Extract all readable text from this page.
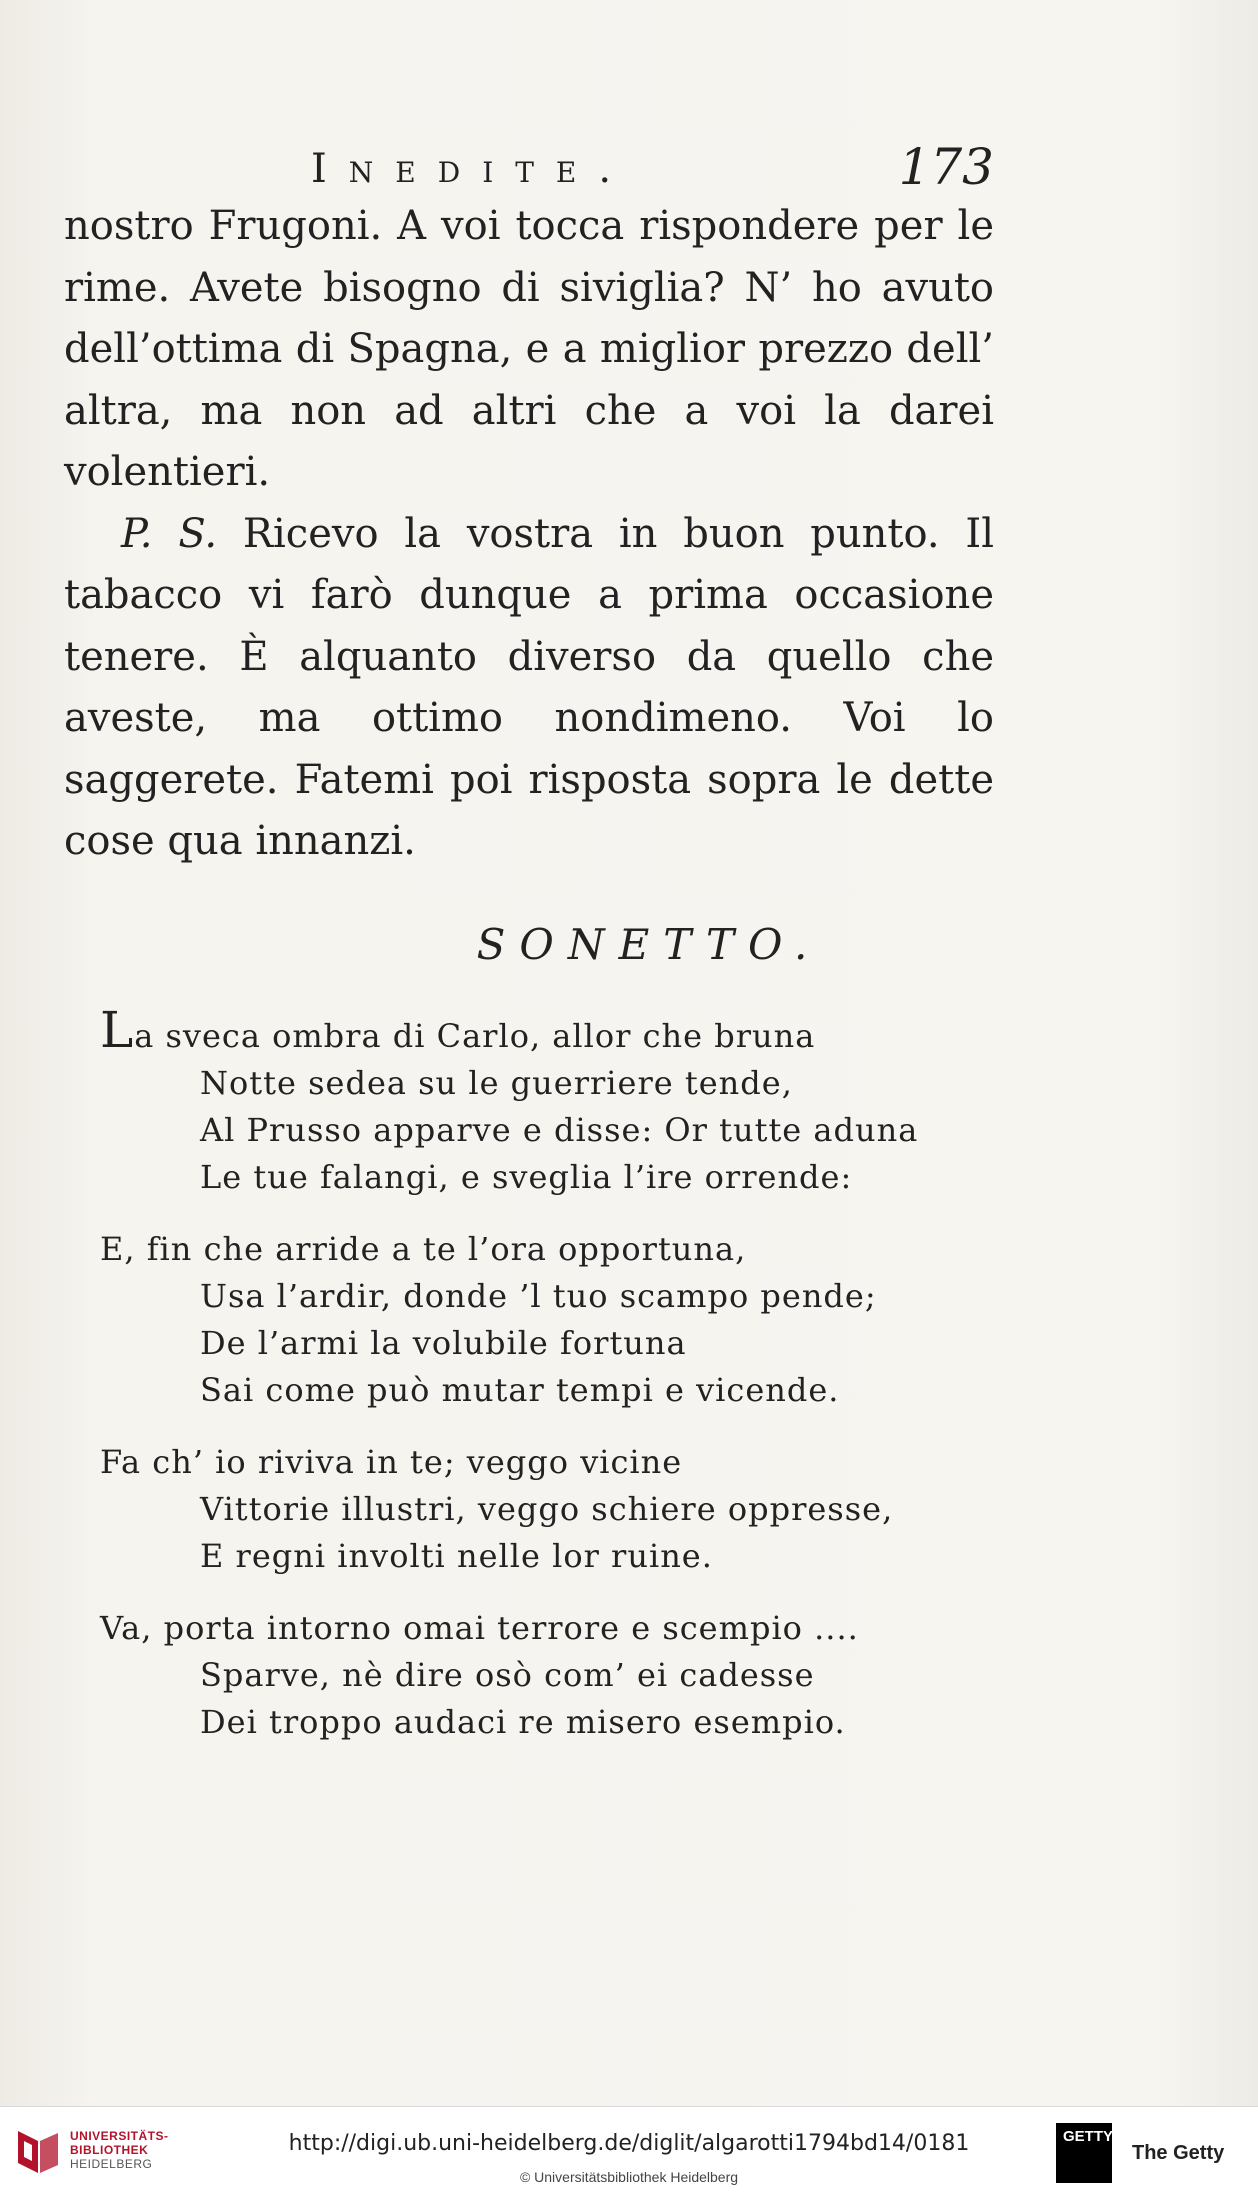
Inedite.	173

nostro Frugoni. A voi tocca rispondere per le rime. Avete bisogno di siviglia? N’ ho avuto dell’ottima di Spagna, e a miglior prezzo dell’ altra, ma non ad altri che a voi la darei volentieri.

P. S. Ricevo la vostra in buon punto. Il tabacco vi farò dunque a prima occasione tenere. È alquanto diverso da quello che aveste, ma ottimo nondimeno. Voi lo saggerete. Fatemi poi risposta sopra le dette cose qua innanzi.

SONETTO.
La sveca ombra di Carlo, allor che bruna
Notte sedea su le guerriere tende,
Al Prusso apparve e disse: Or tutte aduna
Le tue falangi, e sveglia l’ire orrende:
E, fin che arride a te l’ora opportuna,
Usa l’ardir, donde ’l tuo scampo pende;
De l’armi la volubile fortuna
Sai come può mutar tempi e vicende.
Fa ch’ io riviva in te; veggo vicine
Vittorie illustri, veggo schiere oppresse,
E regni involti nelle lor ruine.
Va, porta intorno omai terrore e scempio ....
Sparve, nè dire osò com’ ei cadesse
Dei troppo audaci re misero esempio.
UNIVERSITÄTS-
BIBLIOTHEK
HEIDELBERG
http://digi.ub.uni-heidelberg.de/diglit/algarotti1794bd14/0181
© Universitätsbibliothek Heidelberg
GETTY
The Getty
